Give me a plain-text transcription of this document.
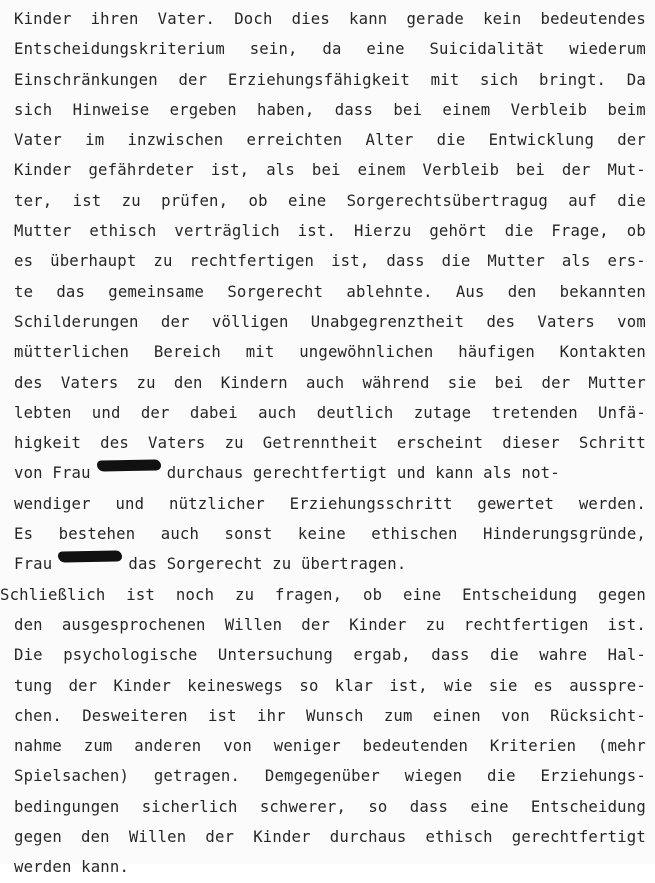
Kinder ihren Vater. Doch dies kann gerade kein bedeutendes
Entscheidungskriterium sein, da eine Suicidalität wiederum
Einschränkungen der Erziehungsfähigkeit mit sich bringt. Da
sich Hinweise ergeben haben, dass bei einem Verbleib beim
Vater im inzwischen erreichten Alter die Entwicklung der
Kinder gefährdeter ist, als bei einem Verbleib bei der Mut-
ter, ist zu prüfen, ob eine Sorgerechtsübertragug auf die
Mutter ethisch verträglich ist. Hierzu gehört die Frage, ob
es überhaupt zu rechtfertigen ist, dass die Mutter als ers-
te das gemeinsame Sorgerecht ablehnte. Aus den bekannten
Schilderungen der völligen Unabgegrenztheit des Vaters vom
mütterlichen Bereich mit ungewöhnlichen häufigen Kontakten
des Vaters zu den Kindern auch während sie bei der Mutter
lebten und der dabei auch deutlich zutage tretenden Unfä-
higkeit des Vaters zu Getrenntheit erscheint dieser Schritt
von Frau	durchaus gerechtfertigt und kann als not-
wendiger und nützlicher Erziehungsschritt gewertet werden.
Es bestehen auch sonst keine ethischen Hinderungsgründe,
Frau	das Sorgerecht zu übertragen.
Schließlich ist noch zu fragen, ob eine Entscheidung gegen
den ausgesprochenen Willen der Kinder zu rechtfertigen ist.
Die psychologische Untersuchung ergab, dass die wahre Hal-
tung der Kinder keineswegs so klar ist, wie sie es ausspre-
chen. Desweiteren ist ihr Wunsch zum einen von Rücksicht-
nahme zum anderen von weniger bedeutenden Kriterien (mehr
Spielsachen) getragen. Demgegenüber wiegen die Erziehungs-
bedingungen sicherlich schwerer, so dass eine Entscheidung
gegen den Willen der Kinder durchaus ethisch gerechtfertigt
werden kann.
